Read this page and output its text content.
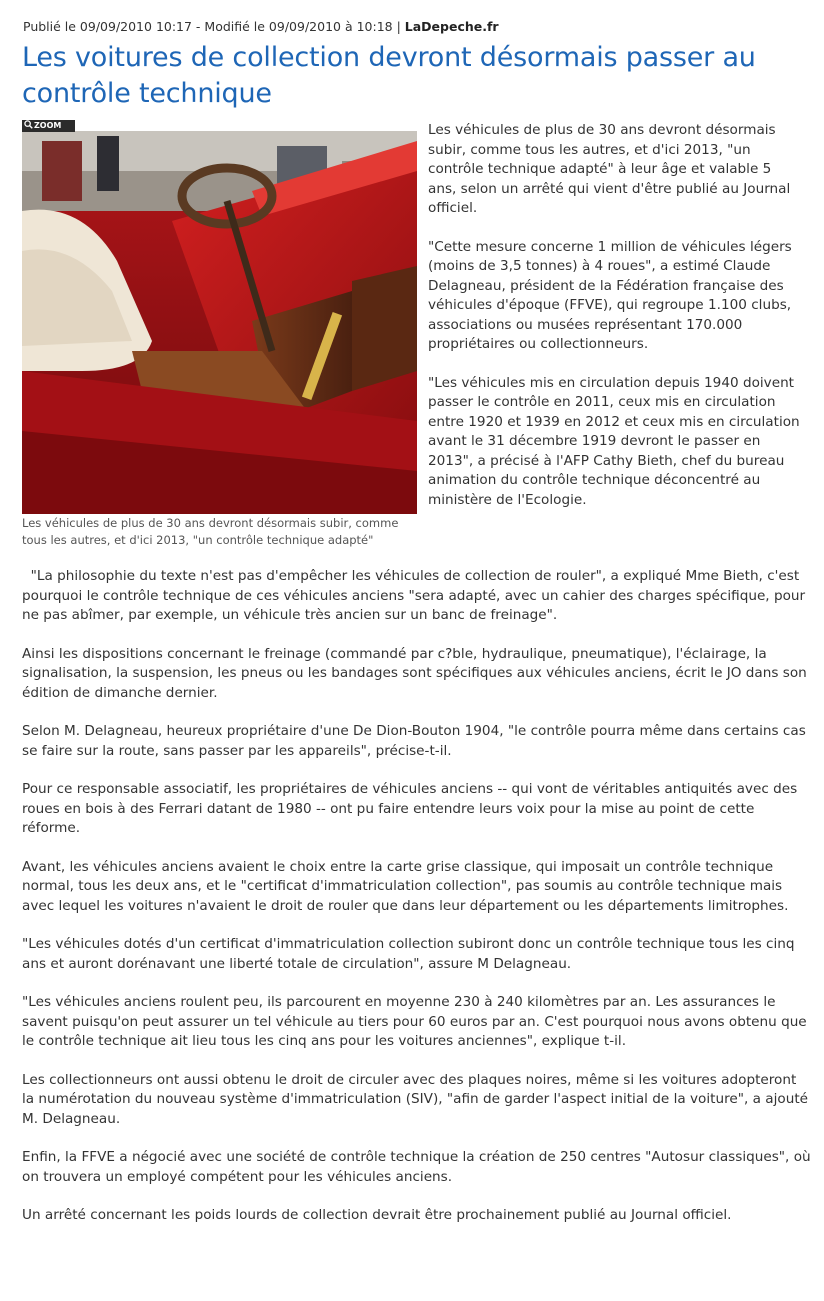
Publié le 09/09/2010 10:17 - Modifié le 09/09/2010 à 10:18 | LaDepeche.fr
Les voitures de collection devront désormais passer au contrôle technique
ZOOM
Les véhicules de plus de 30 ans devront désormais subir, comme tous les autres, et d'ici 2013, "un contrôle technique adapté"

Les véhicules de plus de 30 ans devront désormais subir, comme tous les autres, et d'ici 2013, "un contrôle technique adapté" à leur âge et valable 5 ans, selon un arrêté qui vient d'être publié au Journal officiel.

"Cette mesure concerne 1 million de véhicules légers (moins de 3,5 tonnes) à 4 roues", a estimé Claude Delagneau, président de la Fédération française des véhicules d'époque (FFVE), qui regroupe 1.100 clubs, associations ou musées représentant 170.000 propriétaires ou collectionneurs.

"Les véhicules mis en circulation depuis 1940 doivent passer le contrôle en 2011, ceux mis en circulation entre 1920 et 1939 en 2012 et ceux mis en circulation avant le 31 décembre 1919 devront le passer en 2013", a précisé à l'AFP Cathy Bieth, chef du bureau animation du contrôle technique déconcentré au ministère de l'Ecologie.

"La philosophie du texte n'est pas d'empêcher les véhicules de collection de rouler", a expliqué Mme Bieth, c'est pourquoi le contrôle technique de ces véhicules anciens "sera adapté, avec un cahier des charges spécifique, pour ne pas abîmer, par exemple, un véhicule très ancien sur un banc de freinage".

Ainsi les dispositions concernant le freinage (commandé par c?ble, hydraulique, pneumatique), l'éclairage, la signalisation, la suspension, les pneus ou les bandages sont spécifiques aux véhicules anciens, écrit le JO dans son édition de dimanche dernier.

Selon M. Delagneau, heureux propriétaire d'une De Dion-Bouton 1904, "le contrôle pourra même dans certains cas se faire sur la route, sans passer par les appareils", précise-t-il.

Pour ce responsable associatif, les propriétaires de véhicules anciens -- qui vont de véritables antiquités avec des roues en bois à des Ferrari datant de 1980 -- ont pu faire entendre leurs voix pour la mise au point de cette réforme.

Avant, les véhicules anciens avaient le choix entre la carte grise classique, qui imposait un contrôle technique normal, tous les deux ans, et le "certificat d'immatriculation collection", pas soumis au contrôle technique mais avec lequel les voitures n'avaient le droit de rouler que dans leur département ou les départements limitrophes.

"Les véhicules dotés d'un certificat d'immatriculation collection subiront donc un contrôle technique tous les cinq ans et auront dorénavant une liberté totale de circulation", assure M Delagneau.

"Les véhicules anciens roulent peu, ils parcourent en moyenne 230 à 240 kilomètres par an. Les assurances le savent puisqu'on peut assurer un tel véhicule au tiers pour 60 euros par an. C'est pourquoi nous avons obtenu que le contrôle technique ait lieu tous les cinq ans pour les voitures anciennes", explique t-il.

Les collectionneurs ont aussi obtenu le droit de circuler avec des plaques noires, même si les voitures adopteront la numérotation du nouveau système d'immatriculation (SIV), "afin de garder l'aspect initial de la voiture", a ajouté M. Delagneau.

Enfin, la FFVE a négocié avec une société de contrôle technique la création de 250 centres "Autosur classiques", où on trouvera un employé compétent pour les véhicules anciens.

Un arrêté concernant les poids lourds de collection devrait être prochainement publié au Journal officiel.
